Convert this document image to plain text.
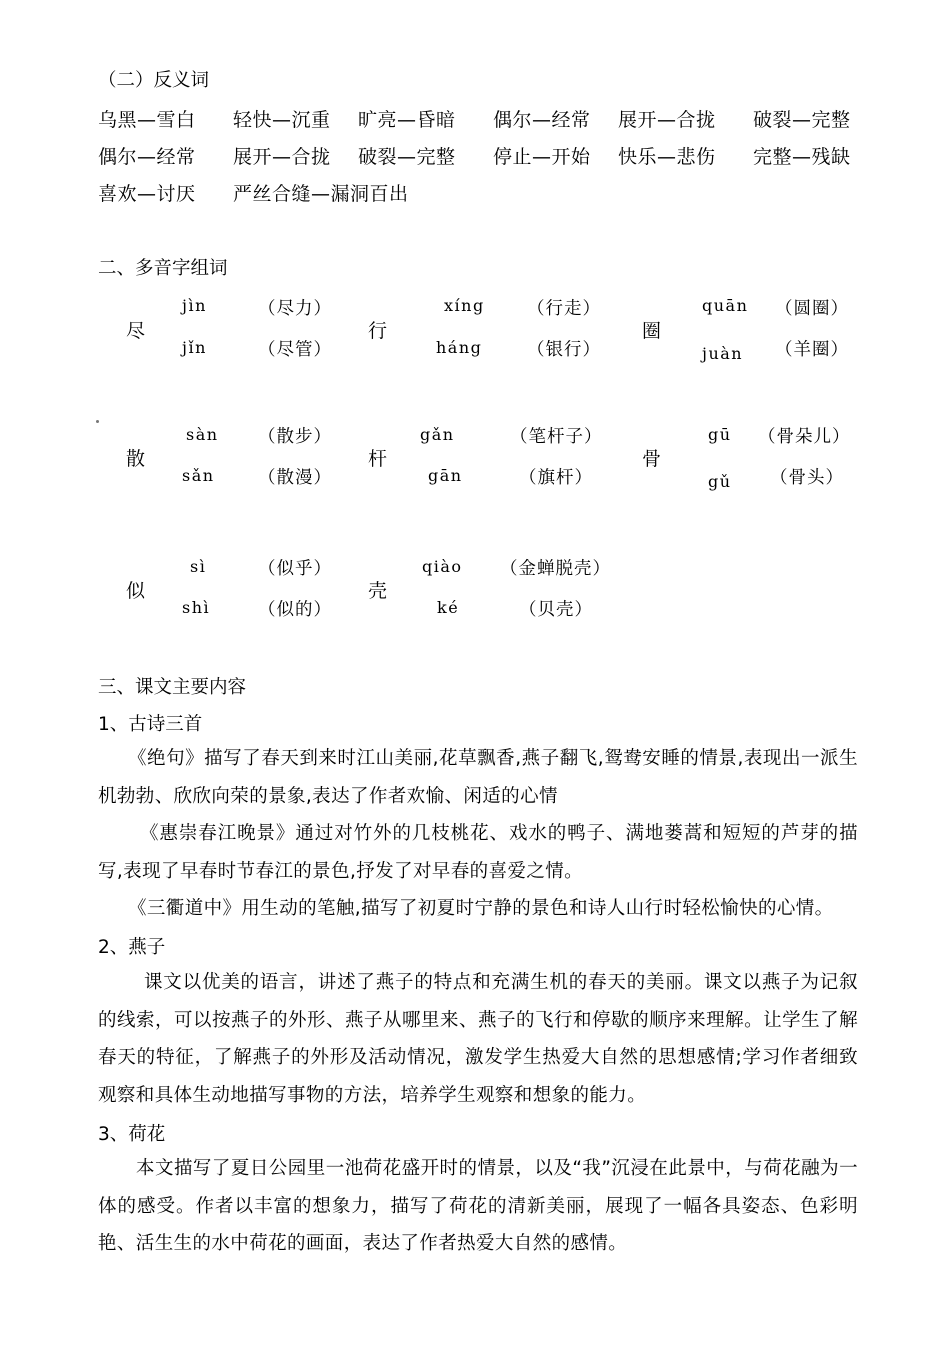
（二）反义词
乌黑—雪白 轻快—沉重 旷亮—昏暗 偶尔—经常 展开—合拢 破裂—完整
偶尔—经常 展开—合拢 破裂—完整 停止—开始 快乐—悲伤 完整—残缺
喜欢—讨厌 严丝合缝—漏洞百出
二、多音字组词
尽
jìn
jǐn
（尽力）
（尽管）
行
xíng
háng
（行走）
（银行）
圈
quān
juàn
（圆圈）
（羊圈）
散
sàn
sǎn
（散步）
（散漫）
杆
gǎn
gān
（笔杆子）
（旗杆）
骨
gū
gǔ
（骨朵儿）
（骨头）
似
sì
shì
（似乎）
（似的）
壳
qiào
ké
（金蝉脱壳）
（贝壳）
三、课文主要内容
1、古诗三首
《绝句》描写了春天到来时江山美丽,花草飘香,燕子翻飞,鸳鸯安睡的情景,表现出一派生机勃勃、欣欣向荣的景象,表达了作者欢愉、闲适的心情
《惠崇春江晚景》通过对竹外的几枝桃花、戏水的鸭子、满地蒌蒿和短短的芦芽的描写,表现了早春时节春江的景色,抒发了对早春的喜爱之情。
《三衢道中》用生动的笔触,描写了初夏时宁静的景色和诗人山行时轻松愉快的心情。
2、燕子
课文以优美的语言，讲述了燕子的特点和充满生机的春天的美丽。课文以燕子为记叙的线索，可以按燕子的外形、燕子从哪里来、燕子的飞行和停歇的顺序来理解。让学生了解春天的特征，了解燕子的外形及活动情况，激发学生热爱大自然的思想感情;学习作者细致观察和具体生动地描写事物的方法，培养学生观察和想象的能力。
3、荷花
本文描写了夏日公园里一池荷花盛开时的情景，以及“我”沉浸在此景中，与荷花融为一体的感受。作者以丰富的想象力，描写了荷花的清新美丽，展现了一幅各具姿态、色彩明艳、活生生的水中荷花的画面，表达了作者热爱大自然的感情。
